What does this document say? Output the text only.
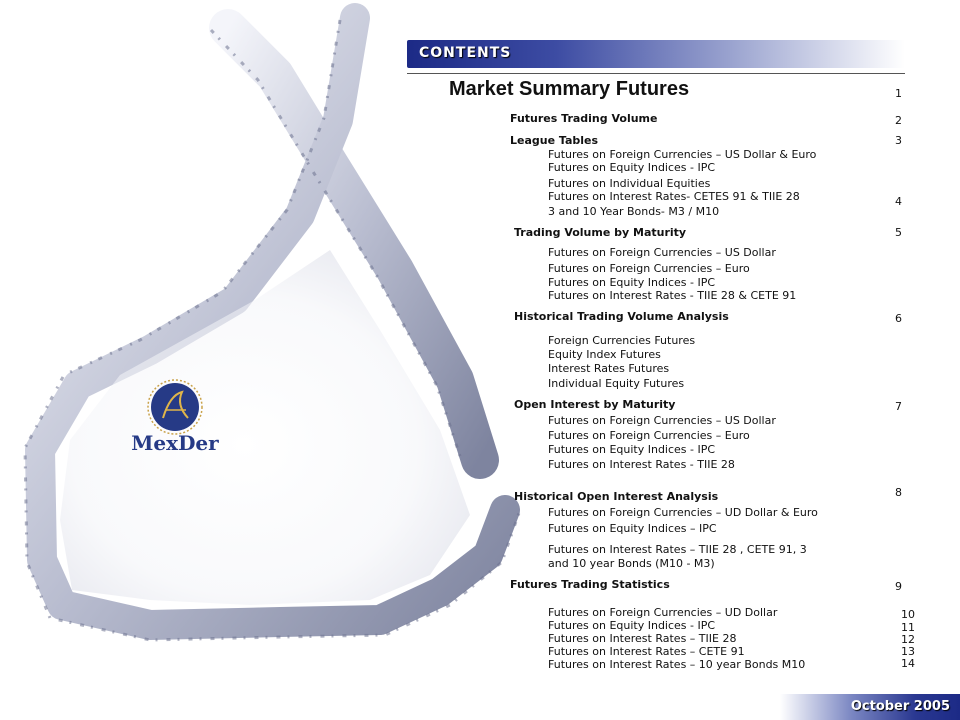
MexDer
CONTENTS
Market Summary Futures
Futures Trading Volume
League Tables
Trading Volume by Maturity
Historical Trading Volume Analysis
Open Interest by Maturity
Historical Open Interest Analysis
Futures Trading Statistics
Futures on Foreign Currencies – US Dollar & Euro
Futures on Equity Indices - IPC
Futures on Individual Equities
Futures on Interest Rates- CETES 91 & TIIE 28
3 and 10 Year Bonds- M3 / M10
Futures on Foreign Currencies – US Dollar
Futures on Foreign Currencies – Euro
Futures on Equity Indices - IPC
Futures on Interest Rates - TIIE 28 & CETE 91
Foreign Currencies Futures
Equity Index Futures
Interest Rates Futures
Individual Equity Futures
Futures on Foreign Currencies – US Dollar
Futures on Foreign Currencies – Euro
Futures on Equity Indices - IPC
Futures on Interest Rates - TIIE 28
Futures on Foreign Currencies – UD Dollar & Euro
Futures on Equity Indices – IPC
Futures on Interest Rates – TIIE 28 , CETE 91, 3
and 10 year Bonds (M10 - M3)
Futures on Foreign Currencies – UD Dollar
Futures on Equity Indices - IPC
Futures on Interest Rates – TIIE 28
Futures on Interest Rates – CETE 91
Futures on Interest Rates – 10 year Bonds M10
1
2
3
4
5
6
7
8
9
10
11
12
13
14
October 2005
